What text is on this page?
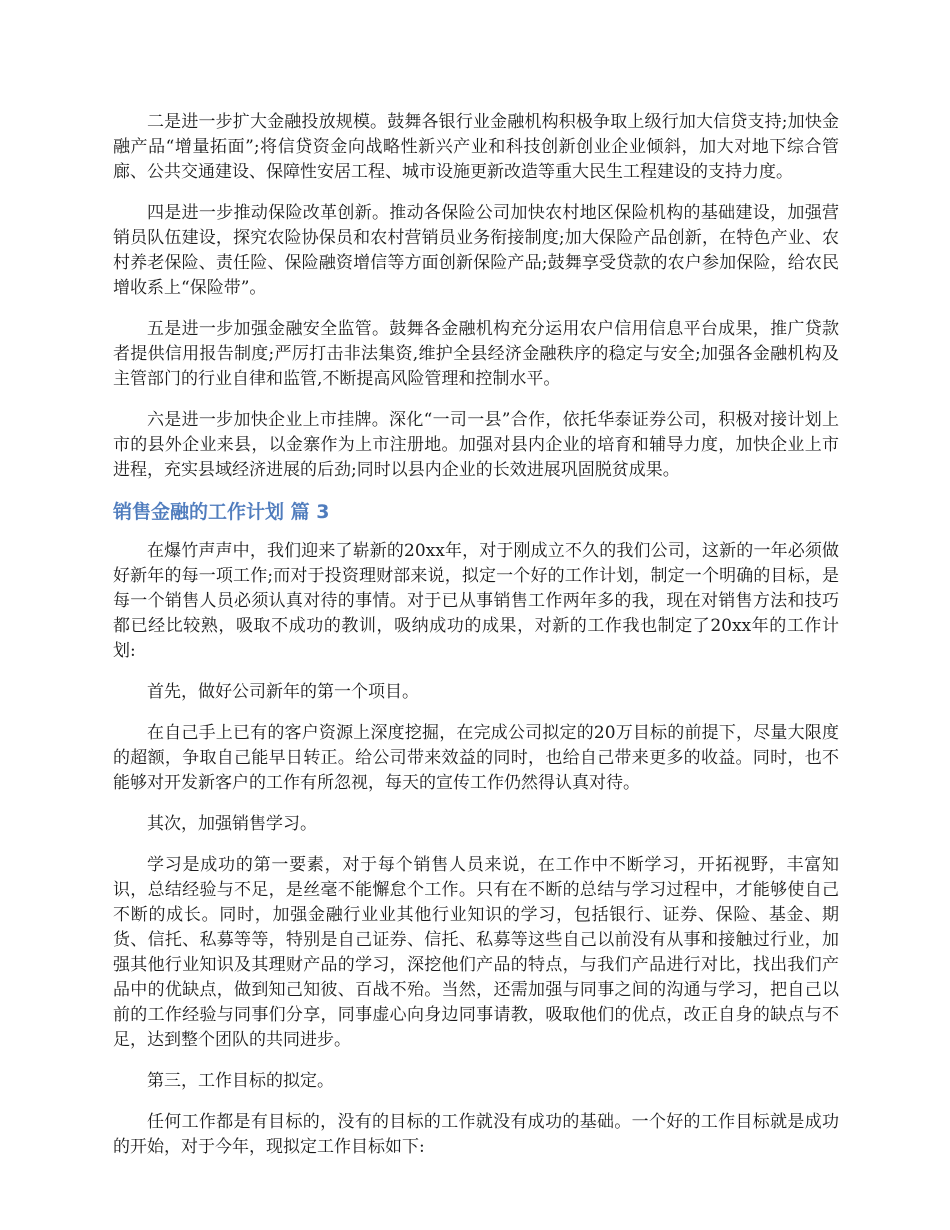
二是进一步扩大金融投放规模。鼓舞各银行业金融机构积极争取上级行加大信贷支持;加快金融产品“增量拓面”;将信贷资金向战略性新兴产业和科技创新创业企业倾斜，加大对地下综合管廊、公共交通建设、保障性安居工程、城市设施更新改造等重大民生工程建设的支持力度。

四是进一步推动保险改革创新。推动各保险公司加快农村地区保险机构的基础建设，加强营销员队伍建设，探究农险协保员和农村营销员业务衔接制度;加大保险产品创新，在特色产业、农村养老保险、责任险、保险融资增信等方面创新保险产品;鼓舞享受贷款的农户参加保险，给农民增收系上“保险带”。

五是进一步加强金融安全监管。鼓舞各金融机构充分运用农户信用信息平台成果，推广贷款者提供信用报告制度;严厉打击非法集资,维护全县经济金融秩序的稳定与安全;加强各金融机构及主管部门的行业自律和监管,不断提高风险管理和控制水平。

六是进一步加快企业上市挂牌。深化“一司一县”合作，依托华泰证券公司，积极对接计划上市的县外企业来县，以金寨作为上市注册地。加强对县内企业的培育和辅导力度，加快企业上市进程，充实县域经济进展的后劲;同时以县内企业的长效进展巩固脱贫成果。

销售金融的工作计划 篇 3

在爆竹声声中，我们迎来了崭新的20xx年，对于刚成立不久的我们公司，这新的一年必须做好新年的每一项工作;而对于投资理财部来说，拟定一个好的工作计划，制定一个明确的目标，是每一个销售人员必须认真对待的事情。对于已从事销售工作两年多的我，现在对销售方法和技巧都已经比较熟，吸取不成功的教训，吸纳成功的成果，对新的工作我也制定了20xx年的工作计划:

首先，做好公司新年的第一个项目。

在自己手上已有的客户资源上深度挖掘，在完成公司拟定的20万目标的前提下，尽量大限度的超额，争取自己能早日转正。给公司带来效益的同时，也给自己带来更多的收益。同时，也不能够对开发新客户的工作有所忽视，每天的宣传工作仍然得认真对待。

其次，加强销售学习。

学习是成功的第一要素，对于每个销售人员来说，在工作中不断学习，开拓视野，丰富知识，总结经验与不足，是丝毫不能懈怠个工作。只有在不断的总结与学习过程中，才能够使自己不断的成长。同时，加强金融行业业其他行业知识的学习，包括银行、证券、保险、基金、期货、信托、私募等等，特别是自己证券、信托、私募等这些自己以前没有从事和接触过行业，加强其他行业知识及其理财产品的学习，深挖他们产品的特点，与我们产品进行对比，找出我们产品中的优缺点，做到知己知彼、百战不殆。当然，还需加强与同事之间的沟通与学习，把自己以前的工作经验与同事们分享，同事虚心向身边同事请教，吸取他们的优点，改正自身的缺点与不足，达到整个团队的共同进步。

第三，工作目标的拟定。

任何工作都是有目标的，没有的目标的工作就没有成功的基础。一个好的工作目标就是成功的开始，对于今年，现拟定工作目标如下:
